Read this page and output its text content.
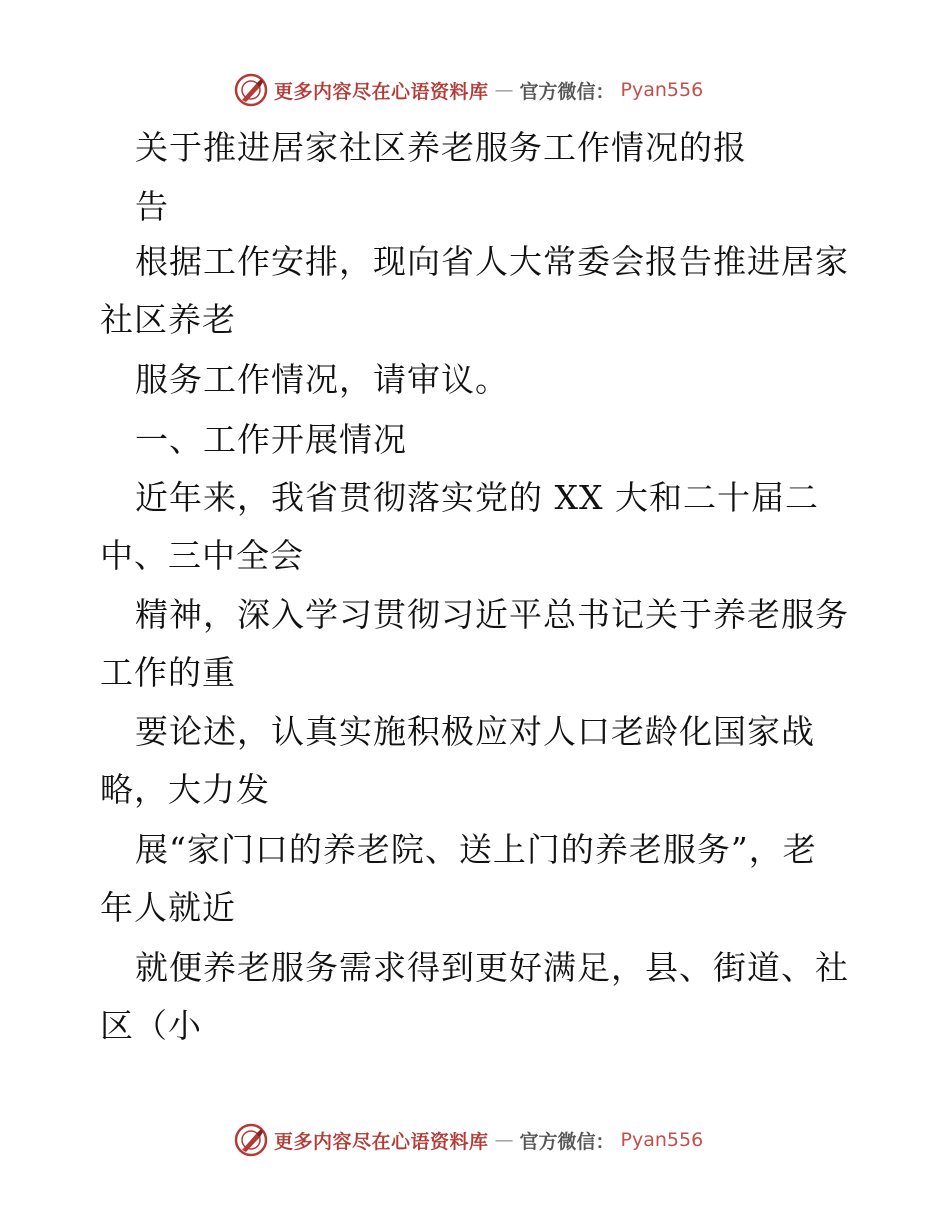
更多内容尽在心语资料库 — 官方微信： Pyan556
关于推进居家社区养老服务工作情况的报
告
根据工作安排，现向省人大常委会报告推进居家
社区养老
服务工作情况，请审议。
一、工作开展情况
近年来，我省贯彻落实党的 XX 大和二十届二
中、三中全会
精神，深入学习贯彻习近平总书记关于养老服务
工作的重
要论述，认真实施积极应对人口老龄化国家战
略，大力发
展“家门口的养老院、送上门的养老服务”，老
年人就近
就便养老服务需求得到更好满足，县、街道、社
区（小
更多内容尽在心语资料库 — 官方微信： Pyan556
